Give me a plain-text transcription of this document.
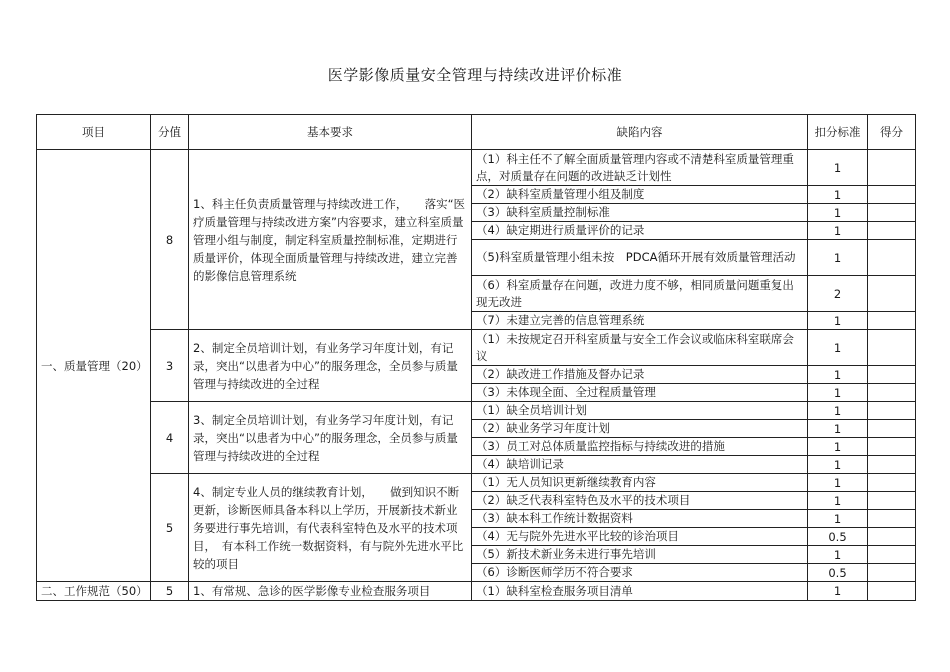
医学影像质量安全管理与持续改进评价标准
项目	分值	基本要求	缺陷内容	扣分标准	得分
一、质量管理（20）	8	1、科主任负责质量管理与持续改进工作，　　落实“医疗质量管理与持续改进方案”内容要求，建立科室质量管理小组与制度，制定科室质量控制标准，定期进行质量评价，体现全面质量管理与持续改进，建立完善的影像信息管理系统	（1）科主任不了解全面质量管理内容或不清楚科室质量管理重点，对质量存在问题的改进缺乏计划性	1	
			（2）缺科室质量管理小组及制度	1	
			（3）缺科室质量控制标准	1	
			（4）缺定期进行质量评价的记录	1	
			（5)科室质量管理小组未按　PDCA循环开展有效质量管理活动	1	
			（6）科室质量存在问题，改进力度不够，相同质量问题重复出现无改进	2	
			（7）未建立完善的信息管理系统	1	
	3	2、制定全员培训计划，有业务学习年度计划，有记录，突出“以患者为中心”的服务理念，全员参与质量管理与持续改进的全过程	（1）未按规定召开科室质量与安全工作会议或临床科室联席会议	1	
			（2）缺改进工作措施及督办记录	1	
			（3）未体现全面、全过程质量管理	1	
	4	3、制定全员培训计划，有业务学习年度计划，有记录，突出“以患者为中心”的服务理念，全员参与质量管理与持续改进的全过程	（1）缺全员培训计划	1	
			（2）缺业务学习年度计划	1	
			（3）员工对总体质量监控指标与持续改进的措施	1	
			（4）缺培训记录	1	
	5	4、制定专业人员的继续教育计划，　　做到知识不断更新，诊断医师具备本科以上学历，开展新技术新业务要进行事先培训，有代表科室特色及水平的技术项目，　有本科工作统一数据资料，有与院外先进水平比较的项目	（1）无人员知识更新继续教育内容	1	
			（2）缺乏代表科室特色及水平的技术项目	1	
			（3）缺本科工作统计数据资料	1	
			（4）无与院外先进水平比较的诊治项目	0.5	
			（5）新技术新业务未进行事先培训	1	
			（6）诊断医师学历不符合要求	0.5	
二、工作规范（50）	5	1、有常规、急诊的医学影像专业检查服务项目	（1）缺科室检查服务项目清单	1	
